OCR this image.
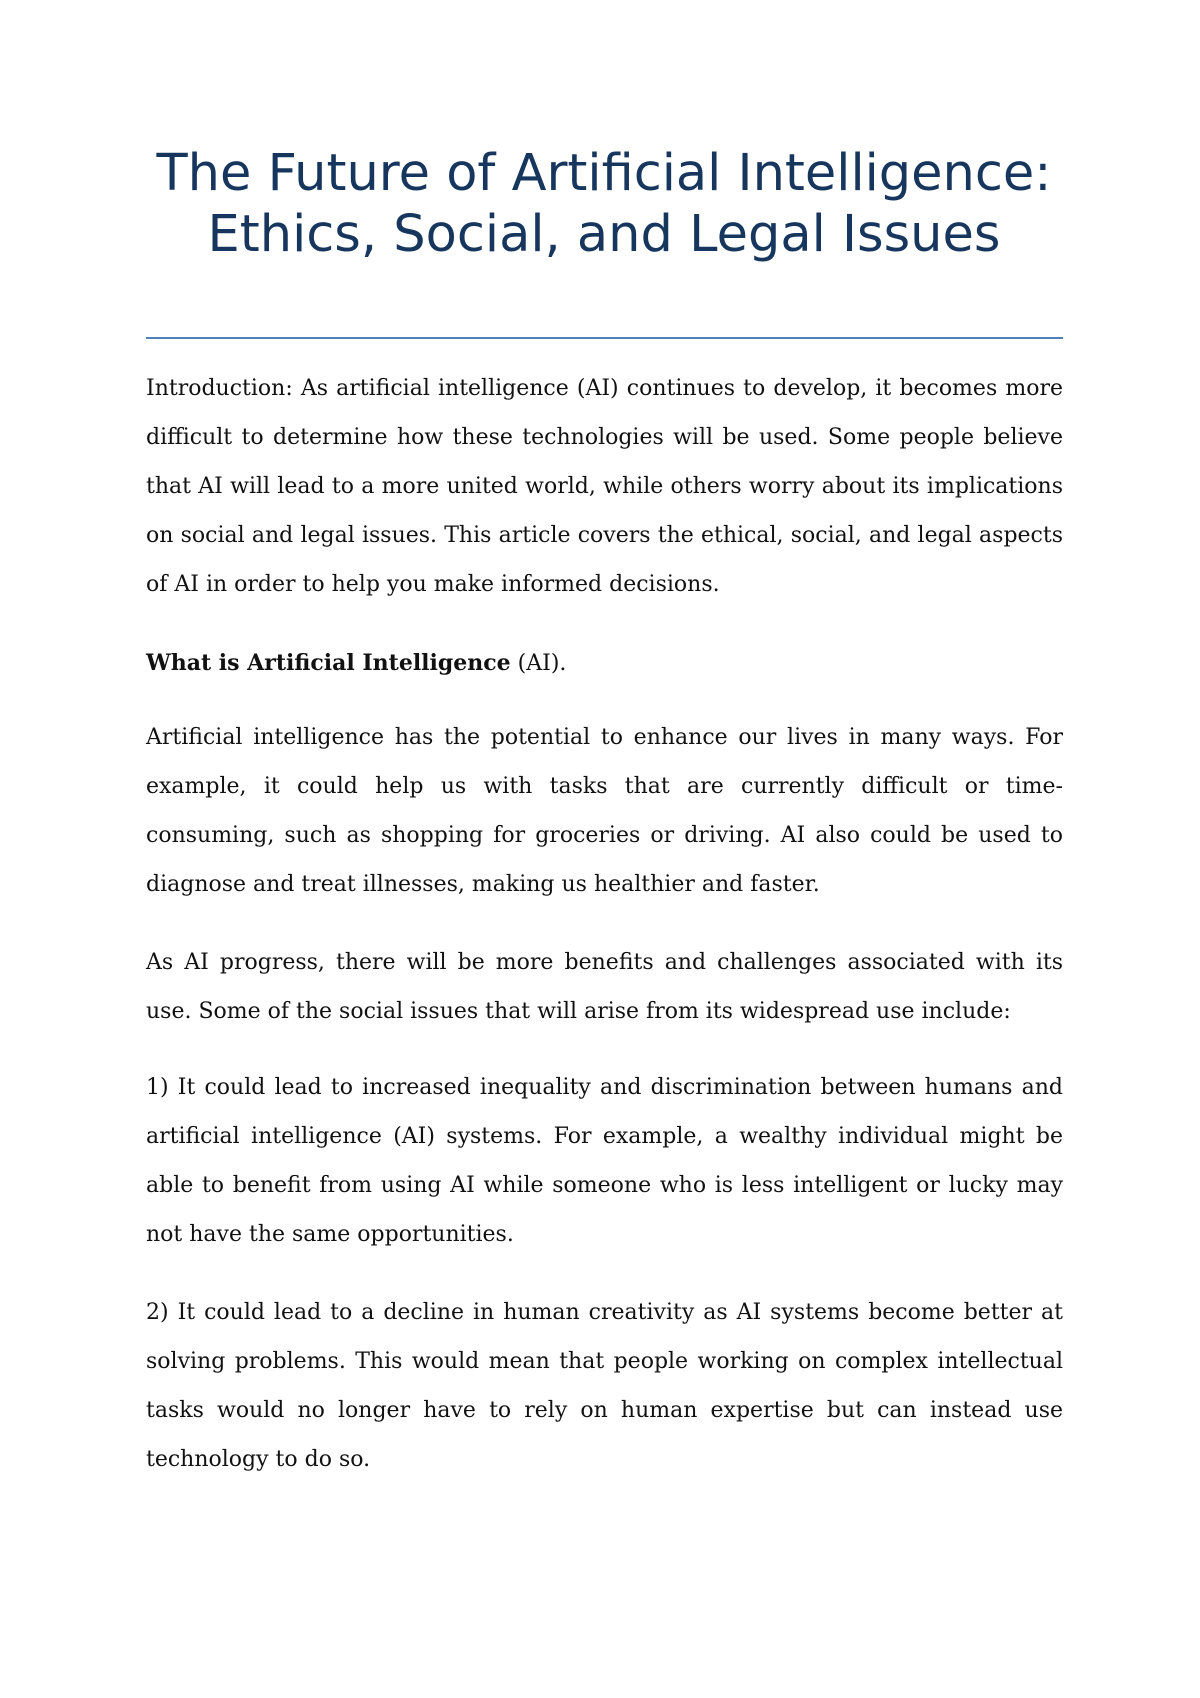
The Future of Artificial Intelligence: Ethics, Social, and Legal Issues

Introduction: As artificial intelligence (AI) continues to develop, it becomes more difficult to determine how these technologies will be used. Some people believe that AI will lead to a more united world, while others worry about its implications on social and legal issues. This article covers the ethical, social, and legal aspects of AI in order to help you make informed decisions.

What is Artificial Intelligence (AI).

Artificial intelligence has the potential to enhance our lives in many ways. For example, it could help us with tasks that are currently difficult or time-consuming, such as shopping for groceries or driving. AI also could be used to diagnose and treat illnesses, making us healthier and faster.

As AI progress, there will be more benefits and challenges associated with its use. Some of the social issues that will arise from its widespread use include:

1) It could lead to increased inequality and discrimination between humans and artificial intelligence (AI) systems. For example, a wealthy individual might be able to benefit from using AI while someone who is less intelligent or lucky may not have the same opportunities.

2) It could lead to a decline in human creativity as AI systems become better at solving problems. This would mean that people working on complex intellectual tasks would no longer have to rely on human expertise but can instead use technology to do so.
